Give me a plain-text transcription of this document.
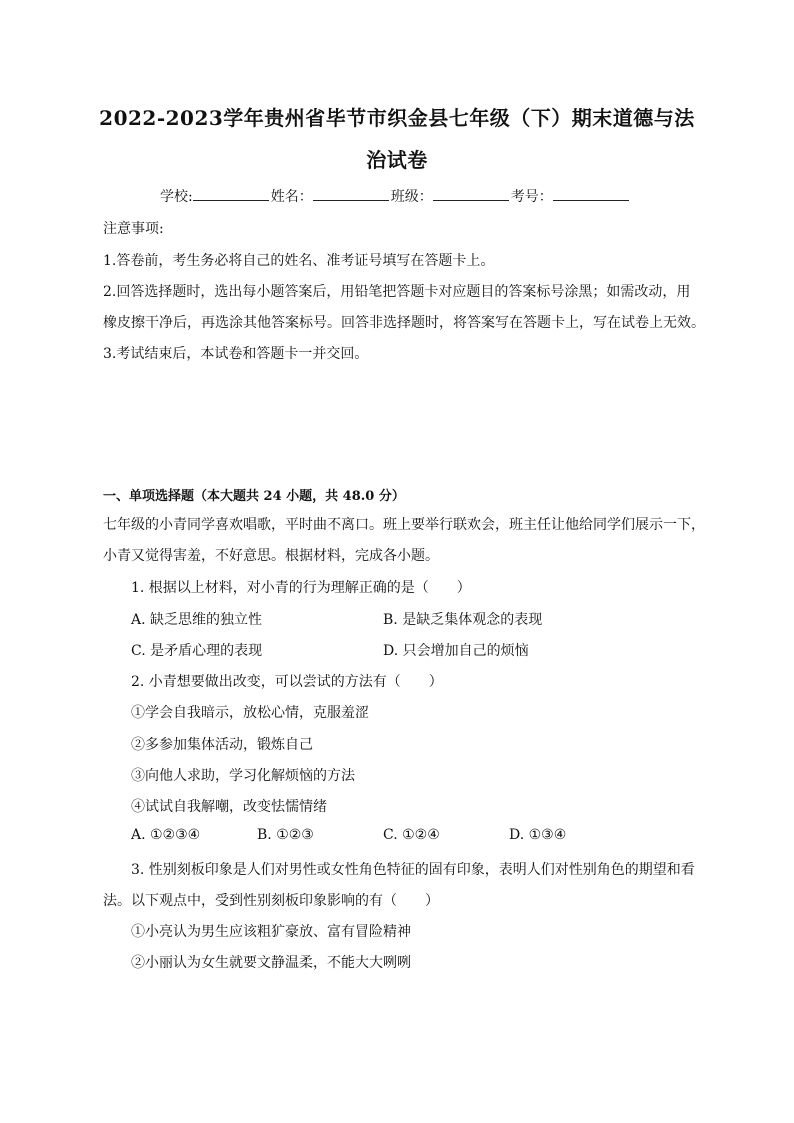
2022-2023学年贵州省毕节市织金县七年级（下）期末道德与法
治试卷
学校:	姓名：	班级：	考号：
注意事项:
1.答卷前，考生务必将自己的姓名、准考证号填写在答题卡上。
2.回答选择题时，选出每小题答案后，用铅笔把答题卡对应题目的答案标号涂黑；如需改动，用
橡皮擦干净后，再选涂其他答案标号。回答非选择题时，将答案写在答题卡上，写在试卷上无效。
3.考试结束后，本试卷和答题卡一并交回。
一、单项选择题（本大题共 24 小题，共 48.0 分）
七年级的小青同学喜欢唱歌，平时曲不离口。班上要举行联欢会，班主任让他给同学们展示一下，
小青又觉得害羞，不好意思。根据材料，完成各小题。
1. 根据以上材料，对小青的行为理解正确的是（　　）
A. 缺乏思维的独立性	B. 是缺乏集体观念的表现
C. 是矛盾心理的表现	D. 只会增加自己的烦恼
2. 小青想要做出改变，可以尝试的方法有（　　）
①学会自我暗示，放松心情，克服羞涩
②多参加集体活动，锻炼自己
③向他人求助，学习化解烦恼的方法
④试试自我解嘲，改变怯懦情绪
A. ①②③④	B. ①②③	C. ①②④	D. ①③④
3. 性别刻板印象是人们对男性或女性角色特征的固有印象，表明人们对性别角色的期望和看
法。以下观点中，受到性别刻板印象影响的有（　　）
①小亮认为男生应该粗犷豪放、富有冒险精神
②小丽认为女生就要文静温柔，不能大大咧咧
